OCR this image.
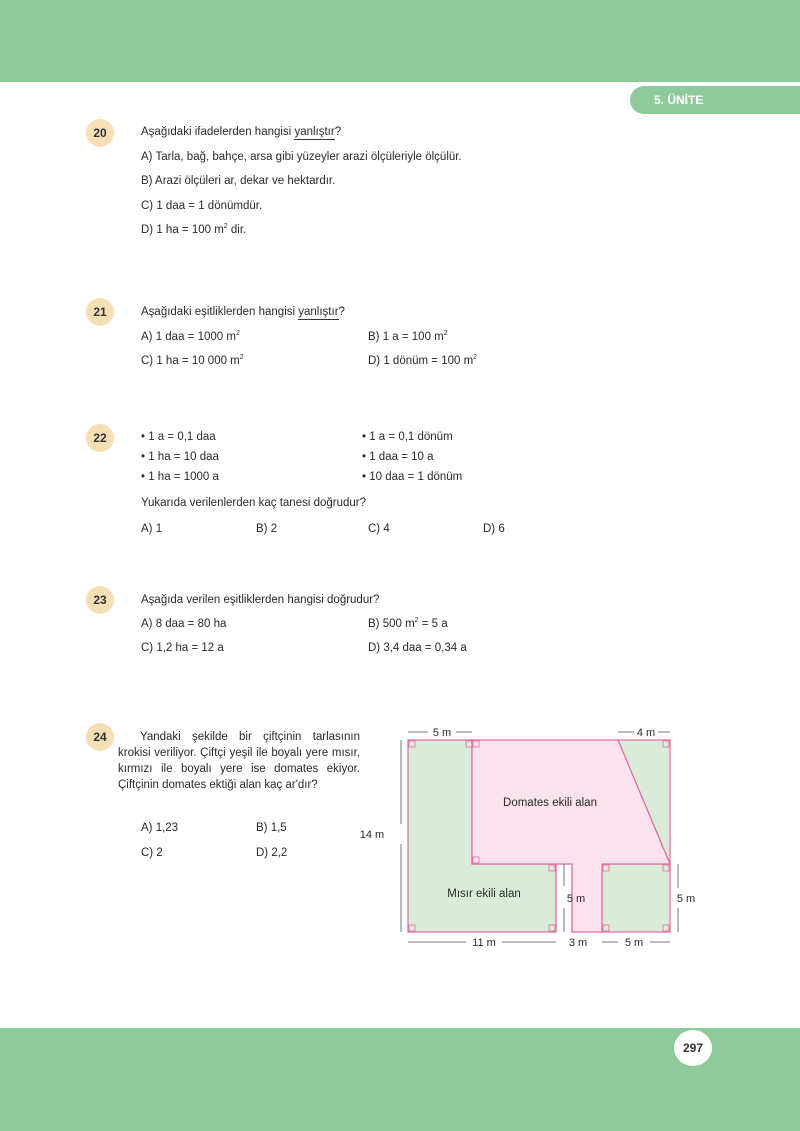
5. ÜNİTE
20	Aşağıdaki ifadelerden hangisi yanlıştır?
A) Tarla, bağ, bahçe, arsa gibi yüzeyler arazi ölçüleriyle ölçülür.
B) Arazi ölçüleri ar, dekar ve hektardır.
C) 1 daa = 1 dönümdür.
D) 1 ha = 100 $m^2$ dir.
21	Aşağıdaki eşitliklerden hangisi yanlıştır?
A) 1 daa = 1000 $m^2$	B) 1 a = 100 $m^2$
C) 1 ha = 10 000 $m^2$	D) 1 dönüm = 100 $m^2$
22	• 1 a = 0,1 daa
• 1 ha = 10 daa
• 1 ha = 1000 a
• 1 a = 0,1 dönüm
• 1 daa = 10 a
• 10 daa = 1 dönüm
Yukarıda verilenlerden kaç tanesi doğrudur?
A) 1	B) 2	C) 4	D) 6
23	Aşağıda verilen eşitliklerden hangisi doğrudur?
A) 8 daa = 80 ha	B) 500 $m^2 = 5$ a
C) 1,2 ha = 12 a	D) 3,4 daa = 0,34 a
24	Yandaki şekilde bir çiftçinin tarlasının krokisi veriliyor. Çiftçi yeşil ile boyalı yere mısır, kırmızı ile boyalı yere ise domates ekiyor. Çiftçinin domates ektiği alan kaç ar'dır?
A) 1,23	B) 1,5
C) 2	D) 2,2
Domates ekili alan
Mısır ekili alan
5 m	4 m
14 m
5 m	5 m
11 m	3 m	5 m
297
